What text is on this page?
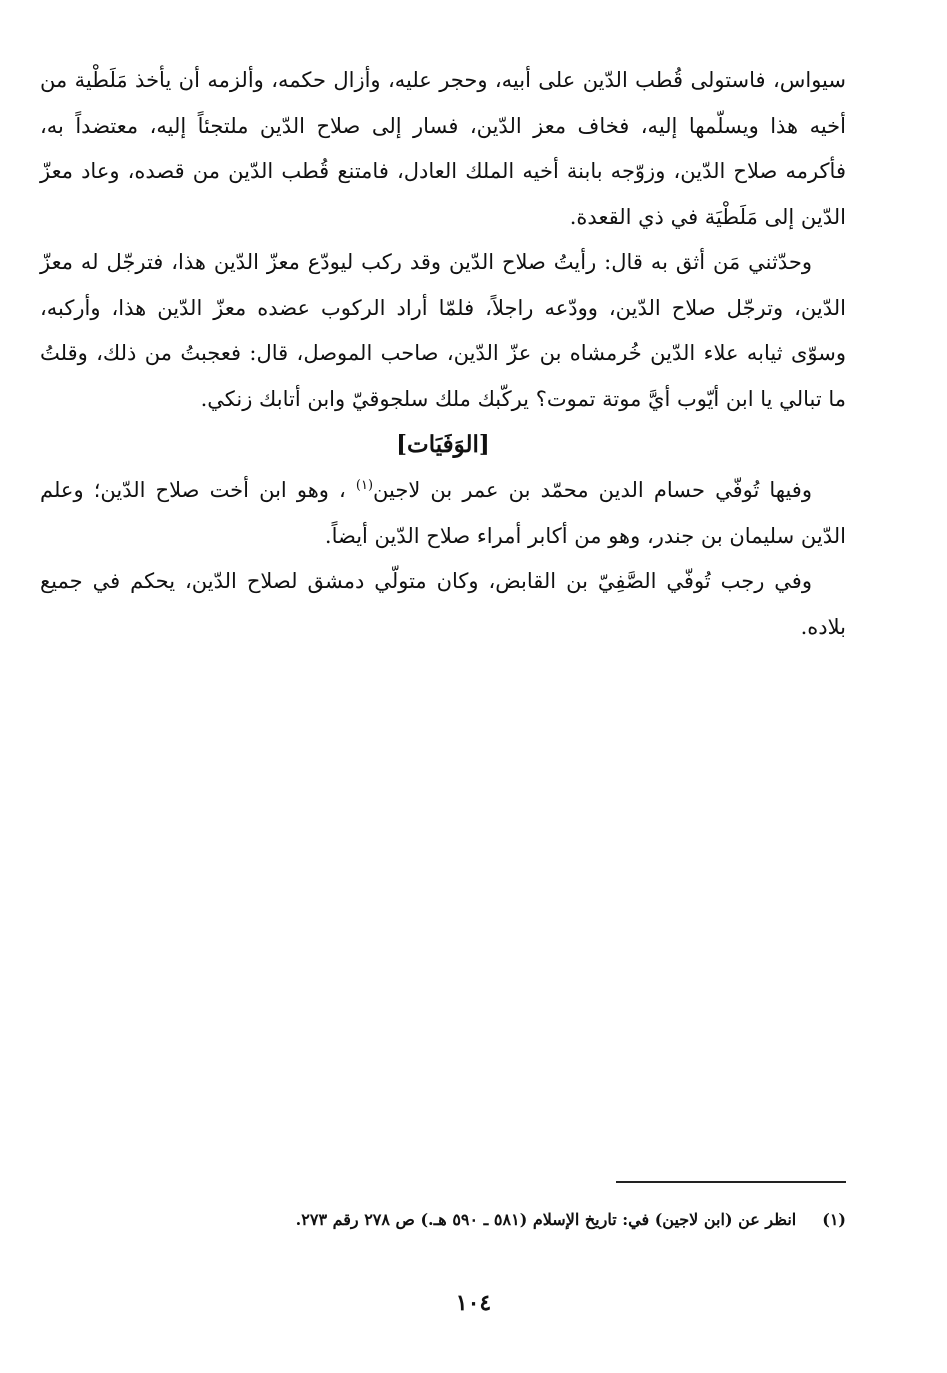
سيواس، فاستولى قُطب الدّين على أبيه، وحجر عليه، وأزال حكمه، وألزمه أن يأخذ مَلَطْية من أخيه هذا ويسلّمها إليه، فخاف معز الدّين، فسار إلى صلاح الدّين ملتجئاً إليه، معتضداً به، فأكرمه صلاح الدّين، وزوّجه بابنة أخيه الملك العادل، فامتنع قُطب الدّين من قصده، وعاد معزّ الدّين إلى مَلَطْيَة في ذي القعدة.

وحدّثني مَن أثق به قال: رأيتُ صلاح الدّين وقد ركب ليودّع معزّ الدّين هذا، فترجّل له معزّ الدّين، وترجّل صلاح الدّين، وودّعه راجلاً، فلمّا أراد الركوب عضده معزّ الدّين هذا، وأركبه، وسوّى ثيابه علاء الدّين خُرمشاه بن عزّ الدّين، صاحب الموصل، قال: فعجبتُ من ذلك، وقلتُ ما تبالي يا ابن أيّوب أيَّ موتة تموت؟ يركّبك ملك سلجوقيّ وابن أتابك زنكي.

[الوَفَيَات]

وفيها تُوفّي حسام الدين محمّد بن عمر بن لاجين$^{(١)}$ ، وهو ابن أخت صلاح الدّين؛ وعلم الدّين سليمان بن جندر، وهو من أكابر أمراء صلاح الدّين أيضاً.

وفي رجب تُوفّي الصَّفِيّ بن القابض، وكان متولّي دمشق لصلاح الدّين، يحكم في جميع بلاده.

(١)انظر عن (ابن لاجين) في: تاريخ الإسلام (٥٨١ ـ ٥٩٠ هـ.) ص ٢٧٨ رقم ٢٧٣.
١٠٤
